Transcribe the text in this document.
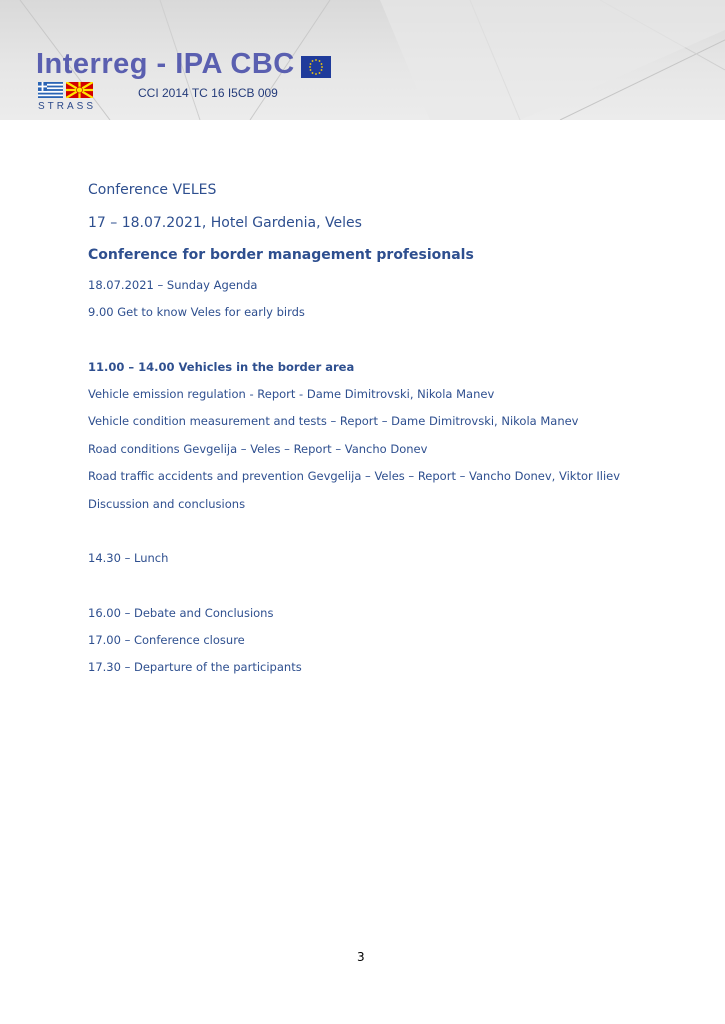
Interreg - IPA CBC
STRASS
CCI 2014 TC 16 I5CB 009
Conference VELES
17 – 18.07.2021, Hotel Gardenia, Veles
Conference for border management profesionals
18.07.2021 – Sunday Agenda
9.00 Get to know Veles for early birds
11.00 – 14.00 Vehicles in the border area
Vehicle emission regulation - Report - Dame Dimitrovski, Nikola Manev
Vehicle condition measurement and tests – Report – Dame Dimitrovski, Nikola Manev
Road conditions Gevgelija – Veles – Report – Vancho Donev
Road traffic accidents and prevention Gevgelija – Veles – Report – Vancho Donev, Viktor Iliev
Discussion and conclusions
14.30 – Lunch
16.00 – Debate and Conclusions
17.00 – Conference closure
17.30 – Departure of the participants
3
